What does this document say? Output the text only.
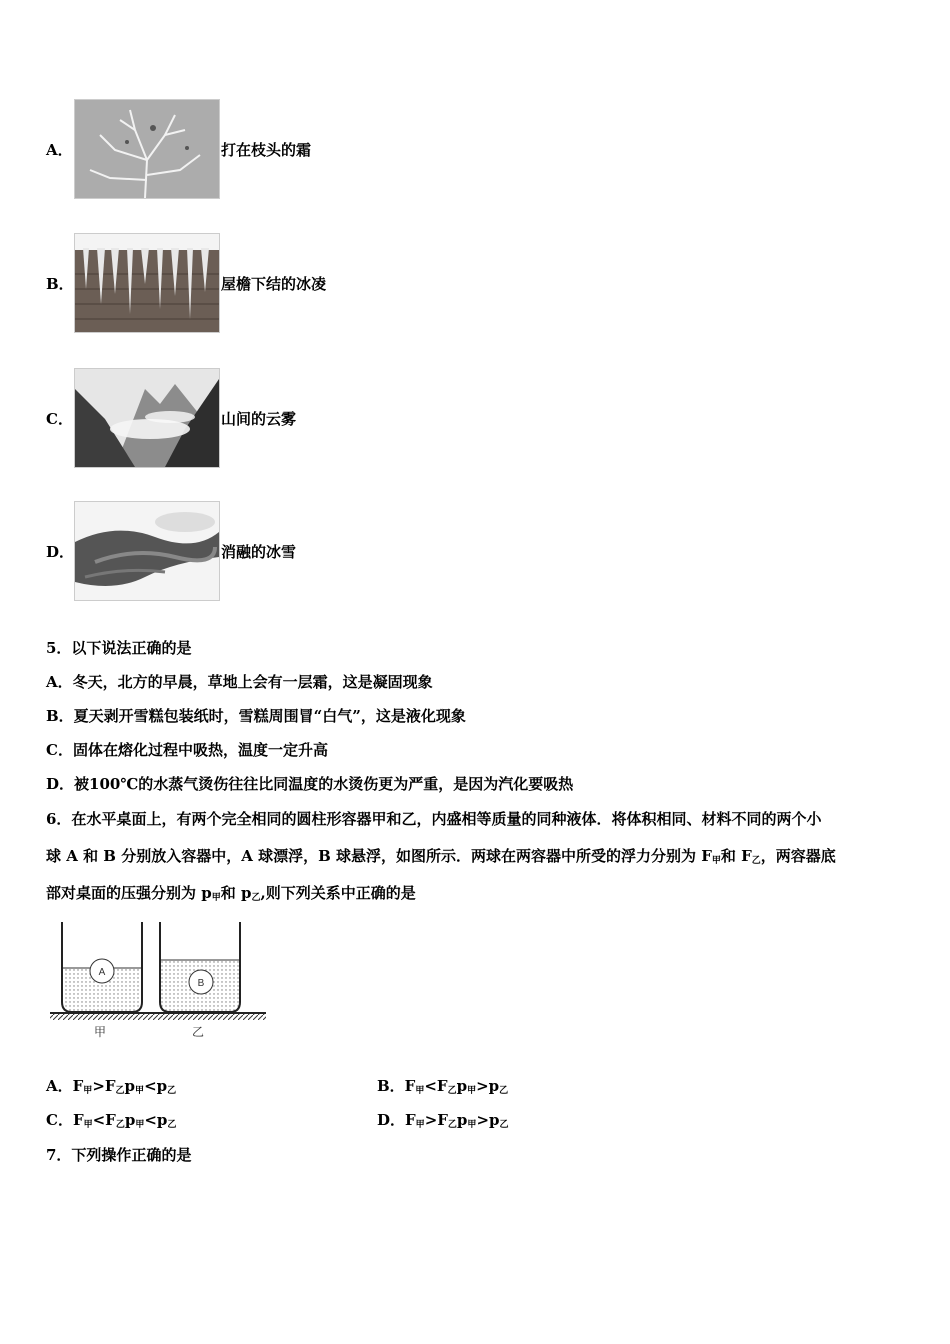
A．	打在枝头的霜
B．	屋檐下结的冰凌
C．	山间的云雾
D．	消融的冰雪
5．以下说法正确的是
A．冬天，北方的早晨，草地上会有一层霜，这是凝固现象
B．夏天剥开雪糕包装纸时，雪糕周围冒“白气”，这是液化现象
C．固体在熔化过程中吸热，温度一定升高
D．被100℃的水蒸气烫伤往往比同温度的水烫伤更为严重，是因为汽化要吸热
6．在水平桌面上，有两个完全相同的圆柱形容器甲和乙，内盛相等质量的同种液体．将体积相同、材料不同的两个小
球 A 和 B 分别放入容器中，A 球漂浮，B 球悬浮，如图所示．两球在两容器中所受的浮力分别为 $F_甲$和 $F_乙$，两容器底
部对桌面的压强分别为 $p_甲$和 $p_乙$,则下列关系中正确的是
A
B
甲	乙
A．$F_甲>F_乙p_甲<p_乙$	B．$F_甲<F_乙p_甲>p_乙$
C．$F_甲<F_乙p_甲<p_乙$	D．$F_甲>F_乙p_甲>p_乙$
7．下列操作正确的是
